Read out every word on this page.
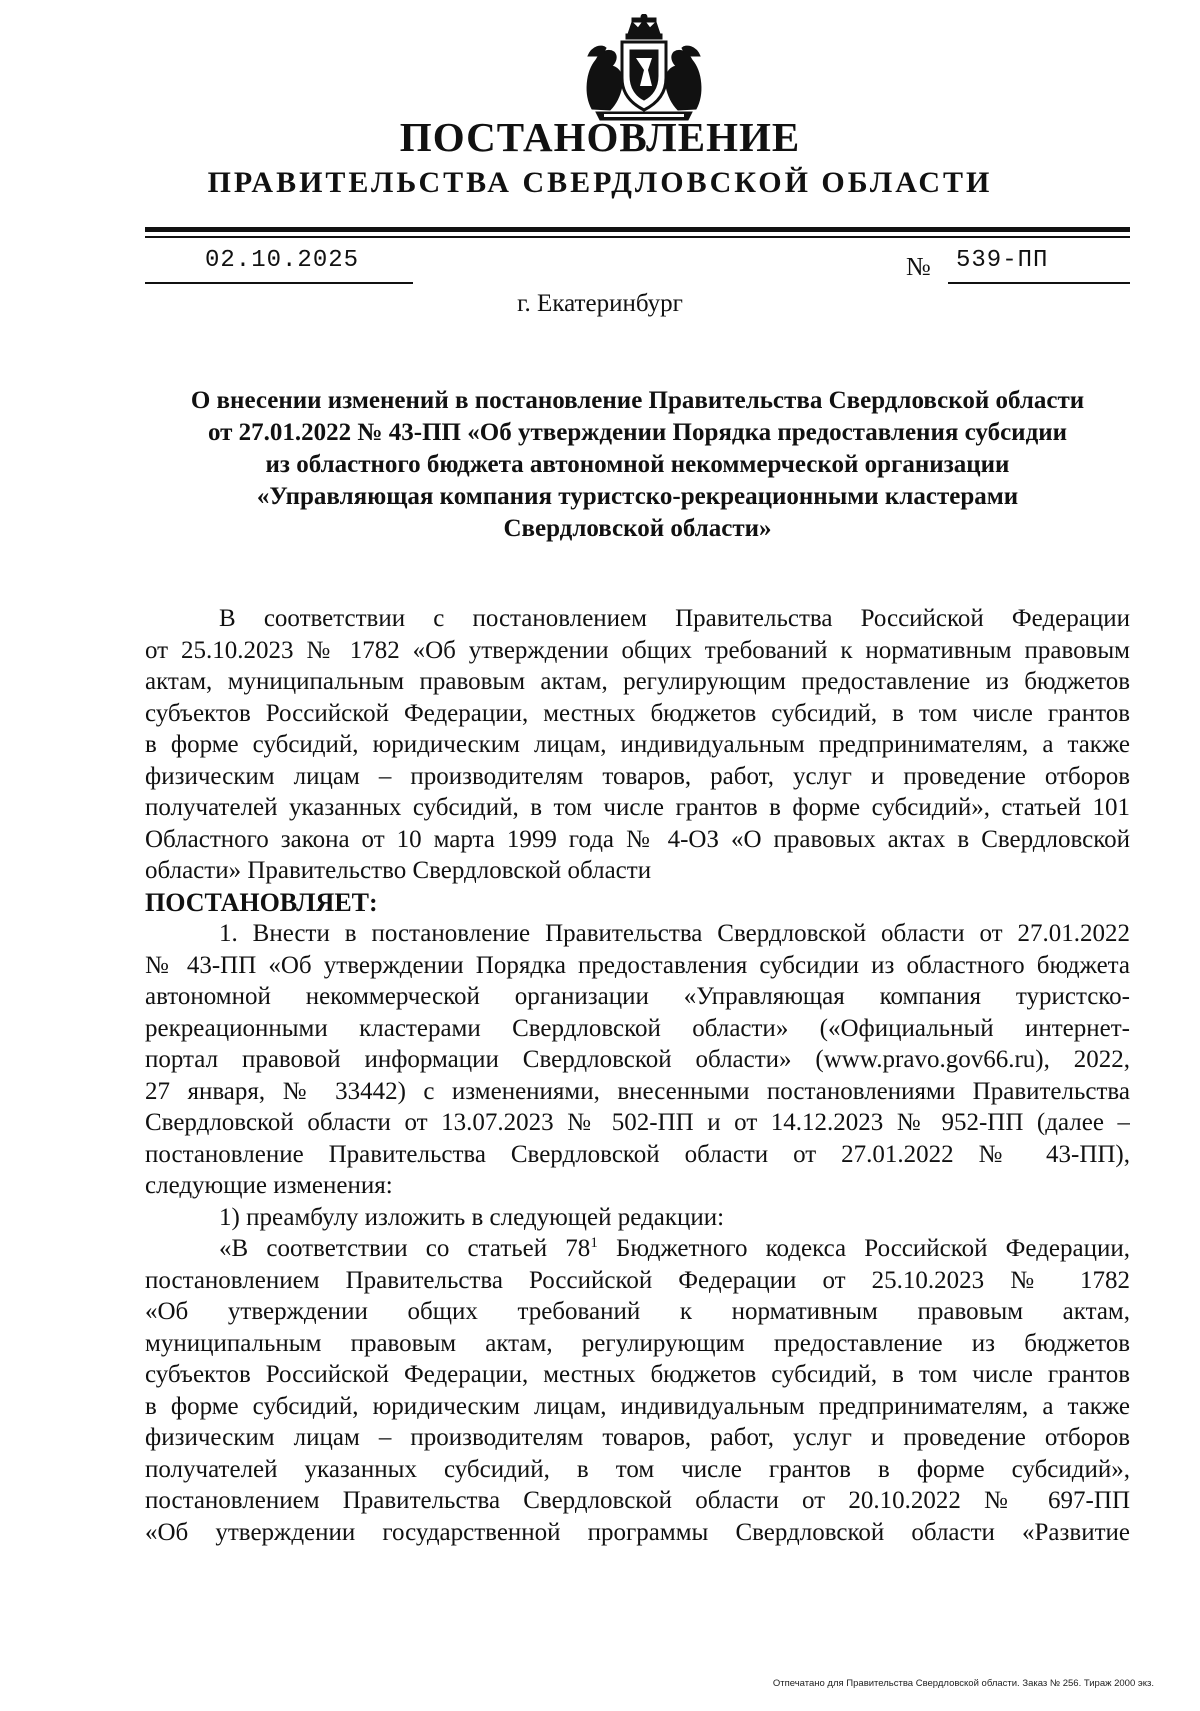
ПОСТАНОВЛЕНИЕ
ПРАВИТЕЛЬСТВА СВЕРДЛОВСКОЙ ОБЛАСТИ
02.10.2025	№ 539-ПП
г. Екатеринбург
О внесении изменений в постановление Правительства Свердловской области
от 27.01.2022 № 43-ПП «Об утверждении Порядка предоставления субсидии
из областного бюджета автономной некоммерческой организации
«Управляющая компания туристско-рекреационными кластерами
Свердловской области»
В соответствии с постановлением Правительства Российской Федерации
от 25.10.2023 № 1782 «Об утверждении общих требований к нормативным правовым
актам, муниципальным правовым актам, регулирующим предоставление из бюджетов
субъектов Российской Федерации, местных бюджетов субсидий, в том числе грантов
в форме субсидий, юридическим лицам, индивидуальным предпринимателям, а также
физическим лицам – производителям товаров, работ, услуг и проведение отборов
получателей указанных субсидий, в том числе грантов в форме субсидий», статьей 101
Областного закона от 10 марта 1999 года № 4-ОЗ «О правовых актах в Свердловской
области» Правительство Свердловской области
ПОСТАНОВЛЯЕТ:
1. Внести в постановление Правительства Свердловской области от 27.01.2022
№ 43-ПП «Об утверждении Порядка предоставления субсидии из областного бюджета
автономной некоммерческой организации «Управляющая компания туристско-
рекреационными кластерами Свердловской области» («Официальный интернет-
портал правовой информации Свердловской области» (www.pravo.gov66.ru), 2022,
27 января, № 33442) с изменениями, внесенными постановлениями Правительства
Свердловской области от 13.07.2023 № 502-ПП и от 14.12.2023 № 952-ПП (далее –
постановление Правительства Свердловской области от 27.01.2022 № 43-ПП),
следующие изменения:
1) преамбулу изложить в следующей редакции:
«В соответствии со статьей $78^1$ Бюджетного кодекса Российской Федерации,
постановлением Правительства Российской Федерации от 25.10.2023 № 1782
«Об утверждении общих требований к нормативным правовым актам,
муниципальным правовым актам, регулирующим предоставление из бюджетов
субъектов Российской Федерации, местных бюджетов субсидий, в том числе грантов
в форме субсидий, юридическим лицам, индивидуальным предпринимателям, а также
физическим лицам – производителям товаров, работ, услуг и проведение отборов
получателей указанных субсидий, в том числе грантов в форме субсидий»,
постановлением Правительства Свердловской области от 20.10.2022 № 697-ПП
«Об утверждении государственной программы Свердловской области «Развитие
Отпечатано для Правительства Свердловской области. Заказ № 256. Тираж 2000 экз.
